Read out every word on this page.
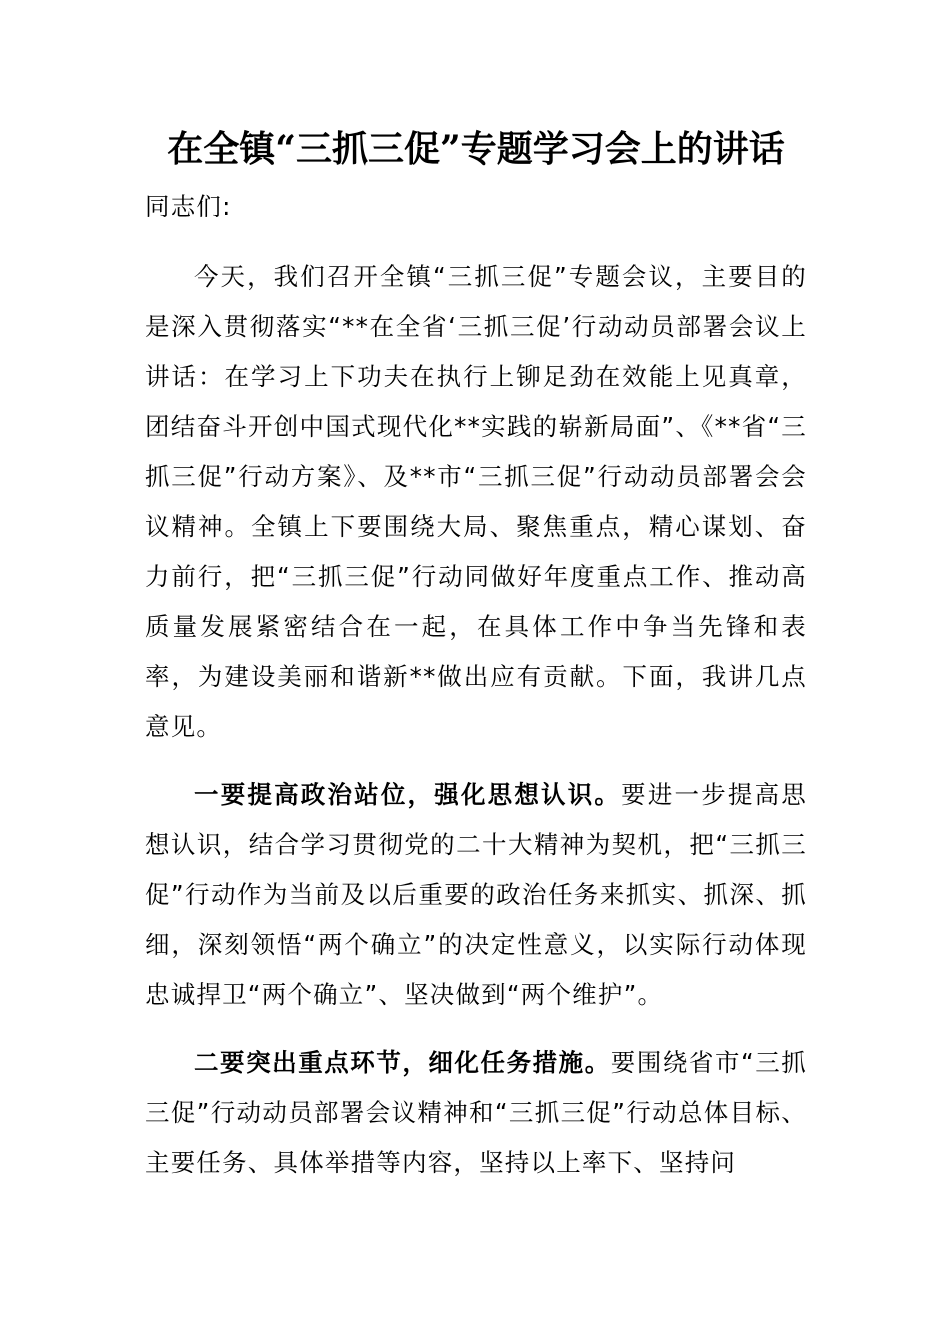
在全镇“三抓三促”专题学习会上的讲话

同志们:

今天，我们召开全镇“三抓三促”专题会议，主要目的是深入贯彻落实“**在全省‘三抓三促’行动动员部署会议上讲话：在学习上下功夫在执行上铆足劲在效能上见真章，团结奋斗开创中国式现代化**实践的崭新局面”、《**省“三抓三促”行动方案》、及**市“三抓三促”行动动员部署会会议精神。全镇上下要围绕大局、聚焦重点，精心谋划、奋力前行，把“三抓三促”行动同做好年度重点工作、推动高质量发展紧密结合在一起，在具体工作中争当先锋和表率，为建设美丽和谐新**做出应有贡献。下面，我讲几点意见。

一要提高政治站位，强化思想认识。要进一步提高思想认识，结合学习贯彻党的二十大精神为契机，把“三抓三促”行动作为当前及以后重要的政治任务来抓实、抓深、抓细，深刻领悟“两个确立”的决定性意义，以实际行动体现忠诚捍卫“两个确立”、坚决做到“两个维护”。

二要突出重点环节，细化任务措施。要围绕省市“三抓三促”行动动员部署会议精神和“三抓三促”行动总体目标、主要任务、具体举措等内容，坚持以上率下、坚持问
